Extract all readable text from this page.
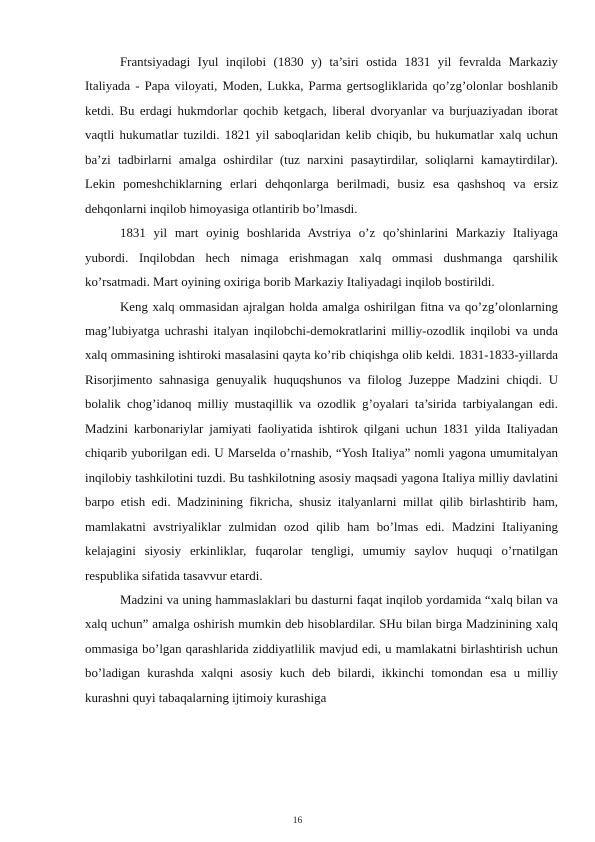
Frantsiyadagi Iyul inqilobi (1830 y) ta’siri ostida 1831 yil fevralda Markaziy Italiyada - Papa viloyati, Moden, Lukka, Parma gertsogliklarida qo’zg’olonlar boshlanib ketdi. Bu erdagi hukmdorlar qochib ketgach, liberal dvoryanlar va burjuaziyadan iborat vaqtli hukumatlar tuzildi. 1821 yil saboqlaridan kelib chiqib, bu hukumatlar xalq uchun ba’zi tadbirlarni amalga oshirdilar (tuz narxini pasaytirdilar, soliqlarni kamaytirdilar). Lekin pomeshchiklarning erlari dehqonlarga berilmadi, busiz esa qashshoq va ersiz dehqonlarni inqilob himoyasiga otlantirib bo’lmasdi.

1831 yil mart oyinig boshlarida Avstriya o’z qo’shinlarini Markaziy Italiyaga yubordi. Inqilobdan hech nimaga erishmagan xalq ommasi dushmanga qarshilik ko’rsatmadi. Mart oyining oxiriga borib Markaziy Italiyadagi inqilob bostirildi.

Keng xalq ommasidan ajralgan holda amalga oshirilgan fitna va qo’zg’olonlarning mag’lubiyatga uchrashi italyan inqilobchi-demokratlarini milliy-ozodlik inqilobi va unda xalq ommasining ishtiroki masalasini qayta ko’rib chiqishga olib keldi. 1831-1833-yillarda Risorjimento sahnasiga genuyalik huquqshunos va filolog Juzeppe Madzini chiqdi. U bolalik chog’idanoq milliy mustaqillik va ozodlik g’oyalari ta’sirida tarbiyalangan edi. Madzini karbonariylar jamiyati faoliyatida ishtirok qilgani uchun 1831 yilda Italiyadan chiqarib yuborilgan edi. U Marselda o’rnashib, “Yosh Italiya” nomli yagona umumitalyan inqilobiy tashkilotini tuzdi. Bu tashkilotning asosiy maqsadi yagona Italiya milliy davlatini barpo etish edi. Madzinining fikricha, shusiz italyanlarni millat qilib birlashtirib ham, mamlakatni avstriyaliklar zulmidan ozod qilib ham bo’lmas edi. Madzini Italiyaning kelajagini siyosiy erkinliklar, fuqarolar tengligi, umumiy saylov huquqi o’rnatilgan respublika sifatida tasavvur etardi.

Madzini va uning hammaslaklari bu dasturni faqat inqilob yordamida “xalq bilan va xalq uchun” amalga oshirish mumkin deb hisoblardilar. SHu bilan birga Madzinining xalq ommasiga bo’lgan qarashlarida ziddiyatlilik mavjud edi, u mamlakatni birlashtirish uchun bo’ladigan kurashda xalqni asosiy kuch deb bilardi, ikkinchi tomondan esa u milliy kurashni quyi tabaqalarning ijtimoiy kurashiga

16
